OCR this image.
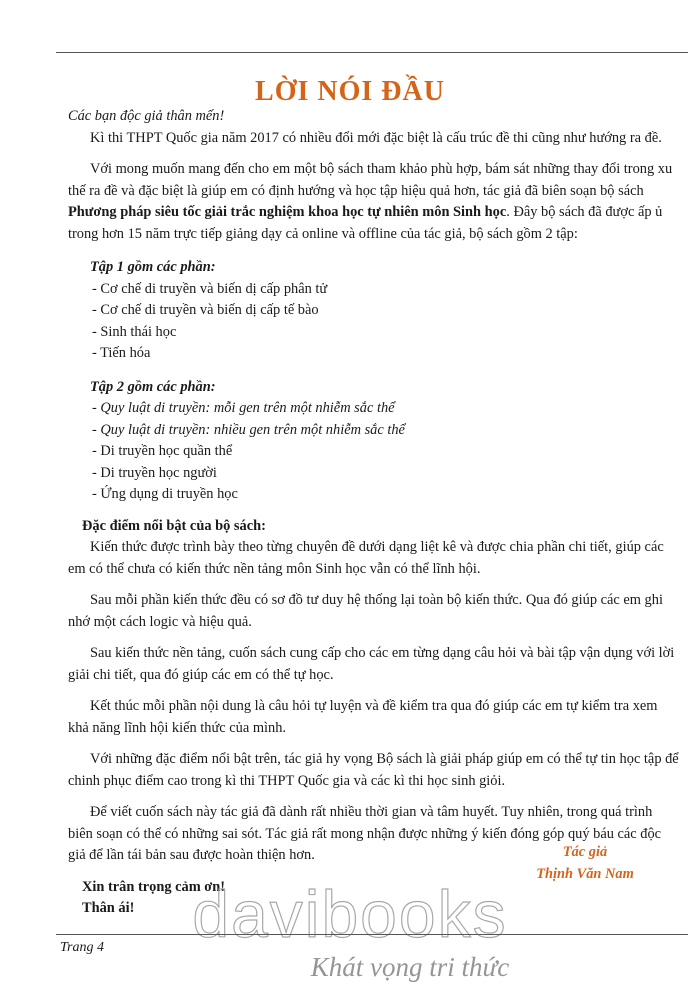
LỜI NÓI ĐẦU

Các bạn độc giả thân mến!

Kì thi THPT Quốc gia năm 2017 có nhiều đổi mới đặc biệt là cấu trúc đề thi cũng như hướng ra đề.

Với mong muốn mang đến cho em một bộ sách tham khảo phù hợp, bám sát những thay đổi trong xu thế ra đề và đặc biệt là giúp em có định hướng và học tập hiệu quả hơn, tác giả đã biên soạn bộ sách Phương pháp siêu tốc giải trắc nghiệm khoa học tự nhiên môn Sinh học. Đây bộ sách đã được ấp ủ trong hơn 15 năm trực tiếp giảng dạy cả online và offline của tác giả, bộ sách gồm 2 tập:

Tập 1 gồm các phần:

- Cơ chế di truyền và biến dị cấp phân tử
- Cơ chế di truyền và biến dị cấp tế bào
- Sinh thái học
- Tiến hóa

Tập 2 gồm các phần:

- Quy luật di truyền: mỗi gen trên một nhiễm sắc thể
- Quy luật di truyền: nhiều gen trên một nhiễm sắc thể
- Di truyền học quần thể
- Di truyền học người
- Ứng dụng di truyền học

Đặc điểm nổi bật của bộ sách:

Kiến thức được trình bày theo từng chuyên đề dưới dạng liệt kê và được chia phần chi tiết, giúp các em có thể chưa có kiến thức nền tảng môn Sinh học vẫn có thể lĩnh hội.

Sau mỗi phần kiến thức đều có sơ đồ tư duy hệ thống lại toàn bộ kiến thức. Qua đó giúp các em ghi nhớ một cách logic và hiệu quả.

Sau kiến thức nền tảng, cuốn sách cung cấp cho các em từng dạng câu hỏi và bài tập vận dụng với lời giải chi tiết, qua đó giúp các em có thể tự học.

Kết thúc mỗi phần nội dung là câu hỏi tự luyện và đề kiểm tra qua đó giúp các em tự kiểm tra xem khả năng lĩnh hội kiến thức của mình.

Với những đặc điểm nổi bật trên, tác giả hy vọng Bộ sách là giải pháp giúp em có thể tự tin học tập để chinh phục điểm cao trong kì thi THPT Quốc gia và các kì thi học sinh giỏi.

Để viết cuốn sách này tác giả đã dành rất nhiều thời gian và tâm huyết. Tuy nhiên, trong quá trình biên soạn có thể có những sai sót. Tác giả rất mong nhận được những ý kiến đóng góp quý báu các độc giả để lần tái bản sau được hoàn thiện hơn.

Xin trân trọng cảm ơn!

Thân ái!

Tác giả
Thịnh Văn Nam
davibooks
Trang 4
Khát vọng tri thức
